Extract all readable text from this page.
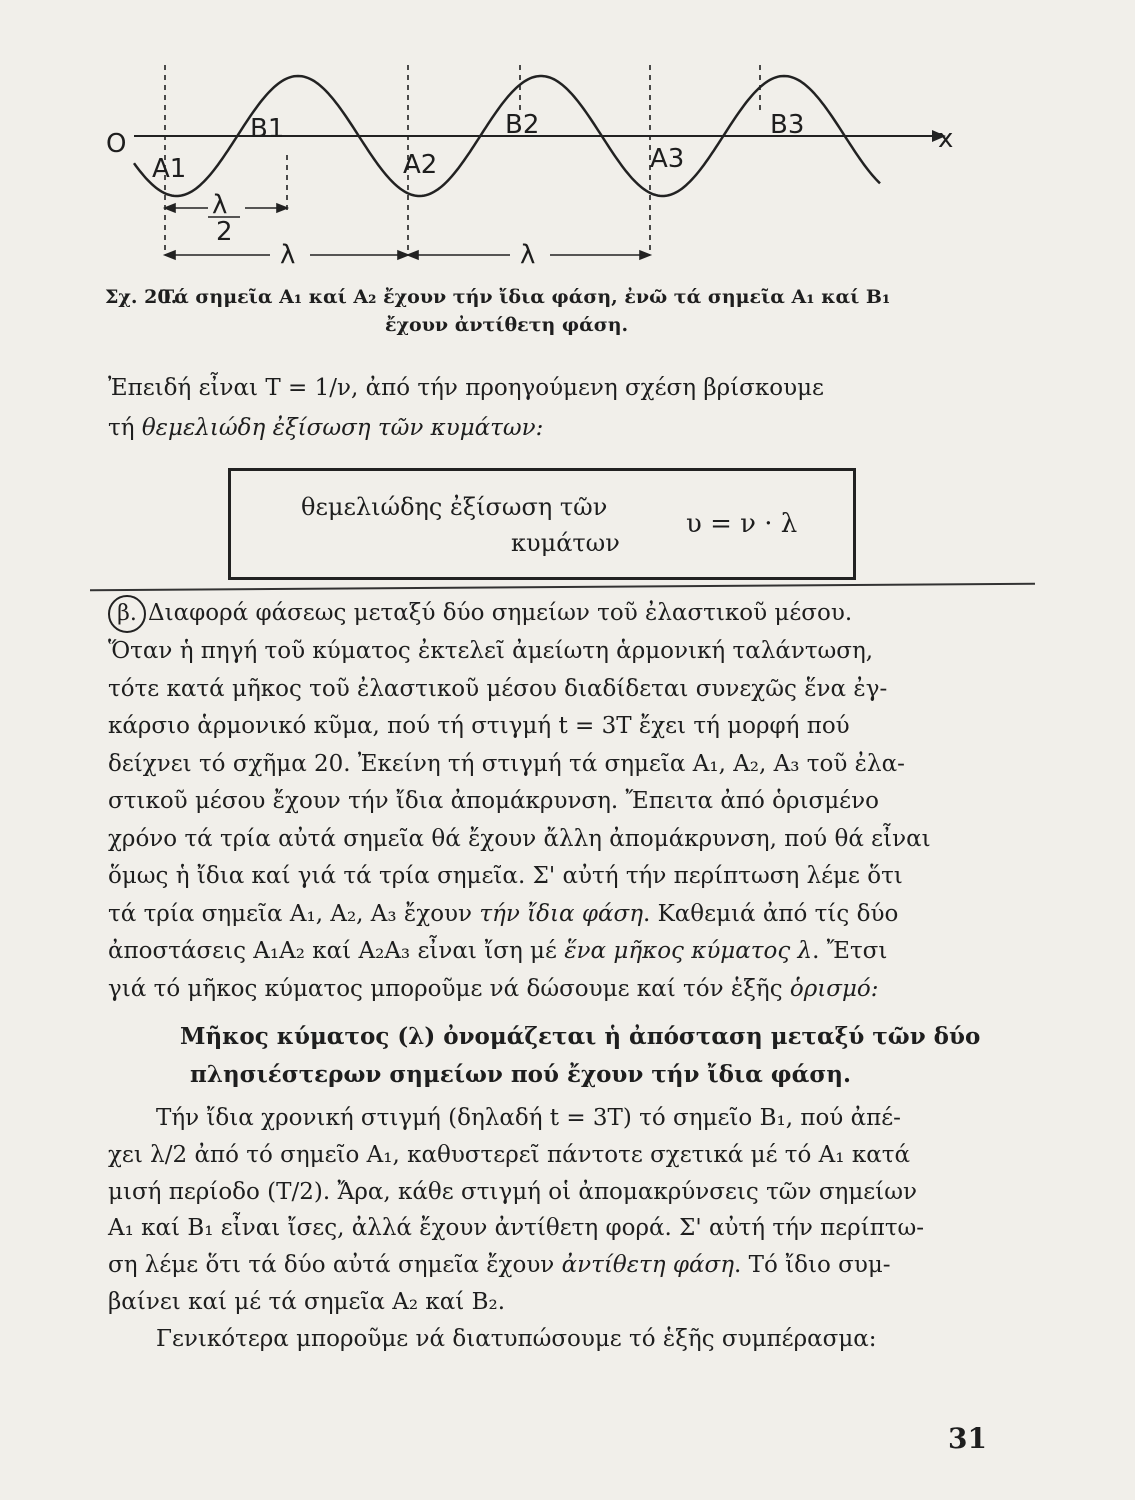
O	x
A1
B1
A2
B2
A3
B3
λ
2
λ	λ
Σχ. 20.
Τά σημεῖα A₁ καί A₂ ἔχουν τήν ἴδια φάση, ἐνῶ τά σημεῖα A₁ καί B₁
ἔχουν ἀντίθετη φάση.
Ἐπειδή εἶναι T = 1/ν, ἀπό τήν προηγούμενη σχέση βρίσκουμε
τή θεμελιώδη ἐξίσωση τῶν κυμάτων:
θεμελιώδης ἐξίσωση τῶν
κυμάτων
υ = ν · λ
β. Διαφορά φάσεως μεταξύ δύο σημείων τοῦ ἐλαστικοῦ μέσου.
Ὅταν ἡ πηγή τοῦ κύματος ἐκτελεῖ ἀμείωτη ἁρμονική ταλάντωση,
τότε κατά μῆκος τοῦ ἐλαστικοῦ μέσου διαδίδεται συνεχῶς ἕνα ἐγ-
κάρσιο ἁρμονικό κῦμα, πού τή στιγμή t = 3T ἔχει τή μορφή πού
δείχνει τό σχῆμα 20. Ἐκείνη τή στιγμή τά σημεῖα A₁, A₂, A₃ τοῦ ἐλα-
στικοῦ μέσου ἔχουν τήν ἴδια ἀπομάκρυνση. Ἔπειτα ἀπό ὁρισμένο
χρόνο τά τρία αὐτά σημεῖα θά ἔχουν ἄλλη ἀπομάκρυνση, πού θά εἶναι
ὅμως ἡ ἴδια καί γιά τά τρία σημεῖα. Σ' αὐτή τήν περίπτωση λέμε ὅτι
τά τρία σημεῖα A₁, A₂, A₃ ἔχουν τήν ἴδια φάση. Καθεμιά ἀπό τίς δύο
ἀποστάσεις A₁A₂ καί A₂A₃ εἶναι ἴση μέ ἕνα μῆκος κύματος λ. Ἔτσι
γιά τό μῆκος κύματος μποροῦμε νά δώσουμε καί τόν ἑξῆς ὁρισμό:
Μῆκος κύματος (λ) ὀνομάζεται ἡ ἀπόσταση μεταξύ τῶν δύο
πλησιέστερων σημείων πού ἔχουν τήν ἴδια φάση.
Τήν ἴδια χρονική στιγμή (δηλαδή t = 3T) τό σημεῖο B₁, πού ἀπέ-
χει λ/2 ἀπό τό σημεῖο A₁, καθυστερεῖ πάντοτε σχετικά μέ τό A₁ κατά
μισή περίοδο (T/2). Ἄρα, κάθε στιγμή οἱ ἀπομακρύνσεις τῶν σημείων
A₁ καί B₁ εἶναι ἴσες, ἀλλά ἔχουν ἀντίθετη φορά. Σ' αὐτή τήν περίπτω-
ση λέμε ὅτι τά δύο αὐτά σημεῖα ἔχουν ἀντίθετη φάση. Τό ἴδιο συμ-
βαίνει καί μέ τά σημεῖα A₂ καί B₂.
Γενικότερα μποροῦμε νά διατυπώσουμε τό ἑξῆς συμπέρασμα:
31
